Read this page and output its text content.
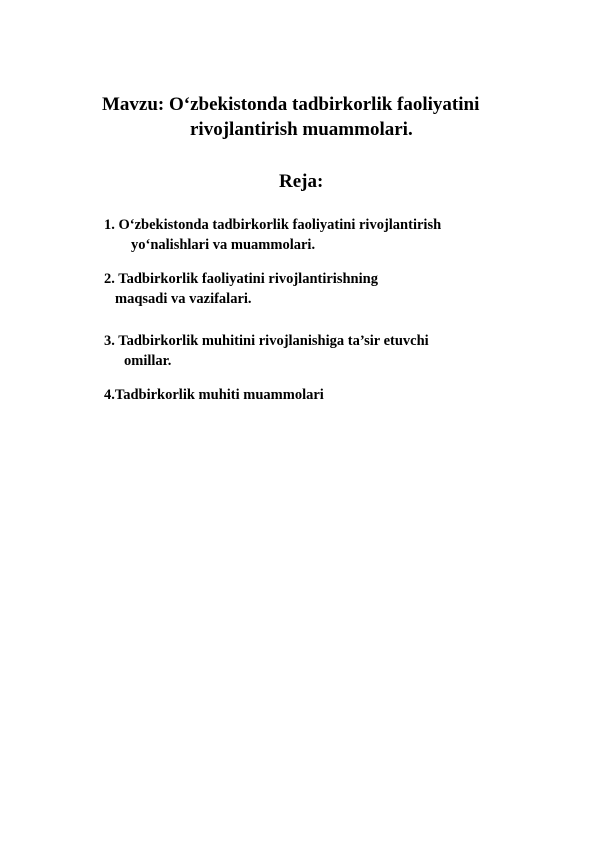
Mavzu: O‘zbekistonda tadbirkorlik faoliyatini
rivojlantirish muammolari.
Reja:
1. O‘zbekistonda tadbirkorlik faoliyatini rivojlantirish
yo‘nalishlari va muammolari.
2. Tadbirkorlik faoliyatini rivojlantirishning
maqsadi va vazifalari.
3. Tadbirkorlik muhitini rivojlanishiga ta’sir etuvchi
omillar.
4.Tadbirkorlik muhiti muammolari
